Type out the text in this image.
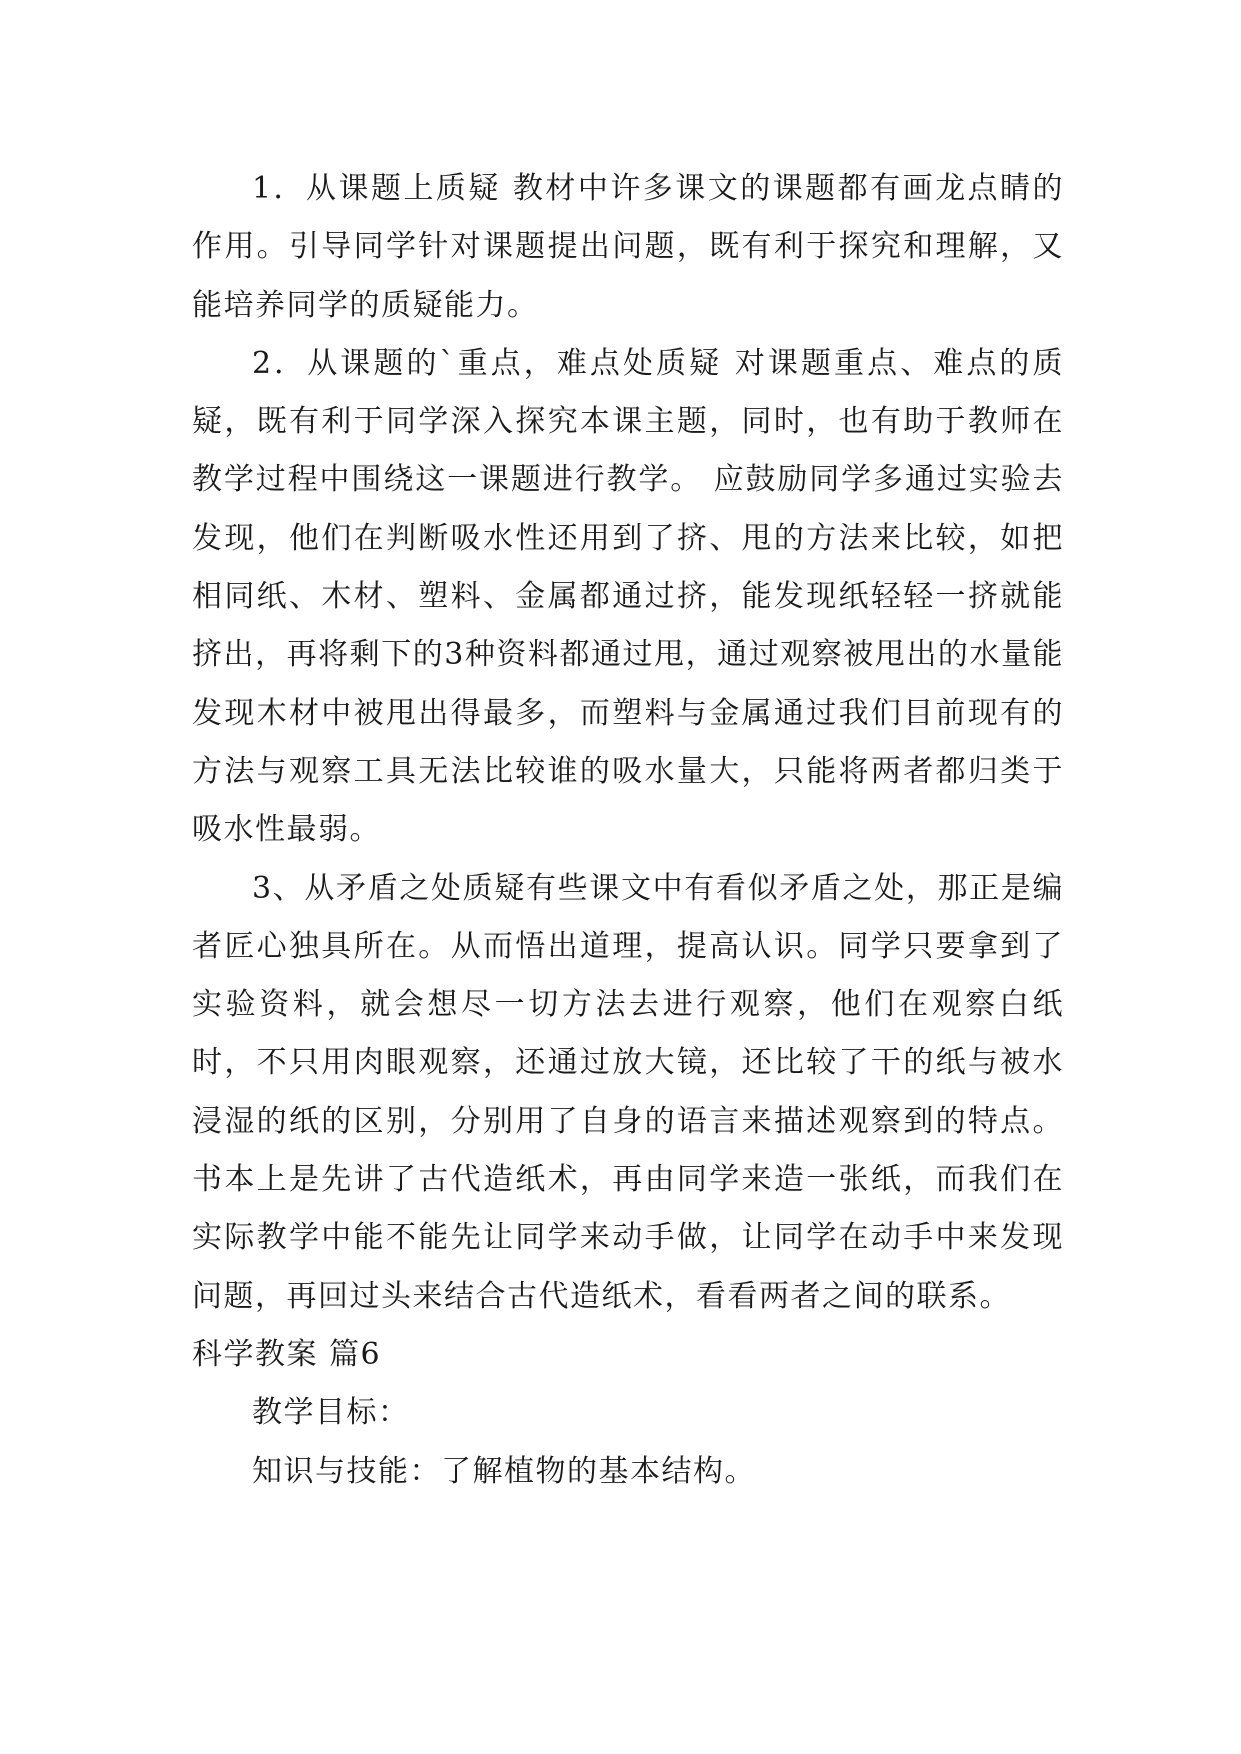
1．从课题上质疑 教材中许多课文的课题都有画龙点睛的作用。引导同学针对课题提出问题，既有利于探究和理解，又能培养同学的质疑能力。

2．从课题的`重点，难点处质疑 对课题重点、难点的质疑，既有利于同学深入探究本课主题，同时，也有助于教师在教学过程中围绕这一课题进行教学。 应鼓励同学多通过实验去发现，他们在判断吸水性还用到了挤、甩的方法来比较，如把相同纸、木材、塑料、金属都通过挤，能发现纸轻轻一挤就能挤出，再将剩下的3种资料都通过甩，通过观察被甩出的水量能发现木材中被甩出得最多，而塑料与金属通过我们目前现有的方法与观察工具无法比较谁的吸水量大，只能将两者都归类于吸水性最弱。

3、从矛盾之处质疑有些课文中有看似矛盾之处，那正是编者匠心独具所在。从而悟出道理，提高认识。同学只要拿到了实验资料，就会想尽一切方法去进行观察，他们在观察白纸时，不只用肉眼观察，还通过放大镜，还比较了干的纸与被水浸湿的纸的区别，分别用了自身的语言来描述观察到的特点。书本上是先讲了古代造纸术，再由同学来造一张纸，而我们在实际教学中能不能先让同学来动手做，让同学在动手中来发现问题，再回过头来结合古代造纸术，看看两者之间的联系。

科学教案 篇6

教学目标：

知识与技能：了解植物的基本结构。
